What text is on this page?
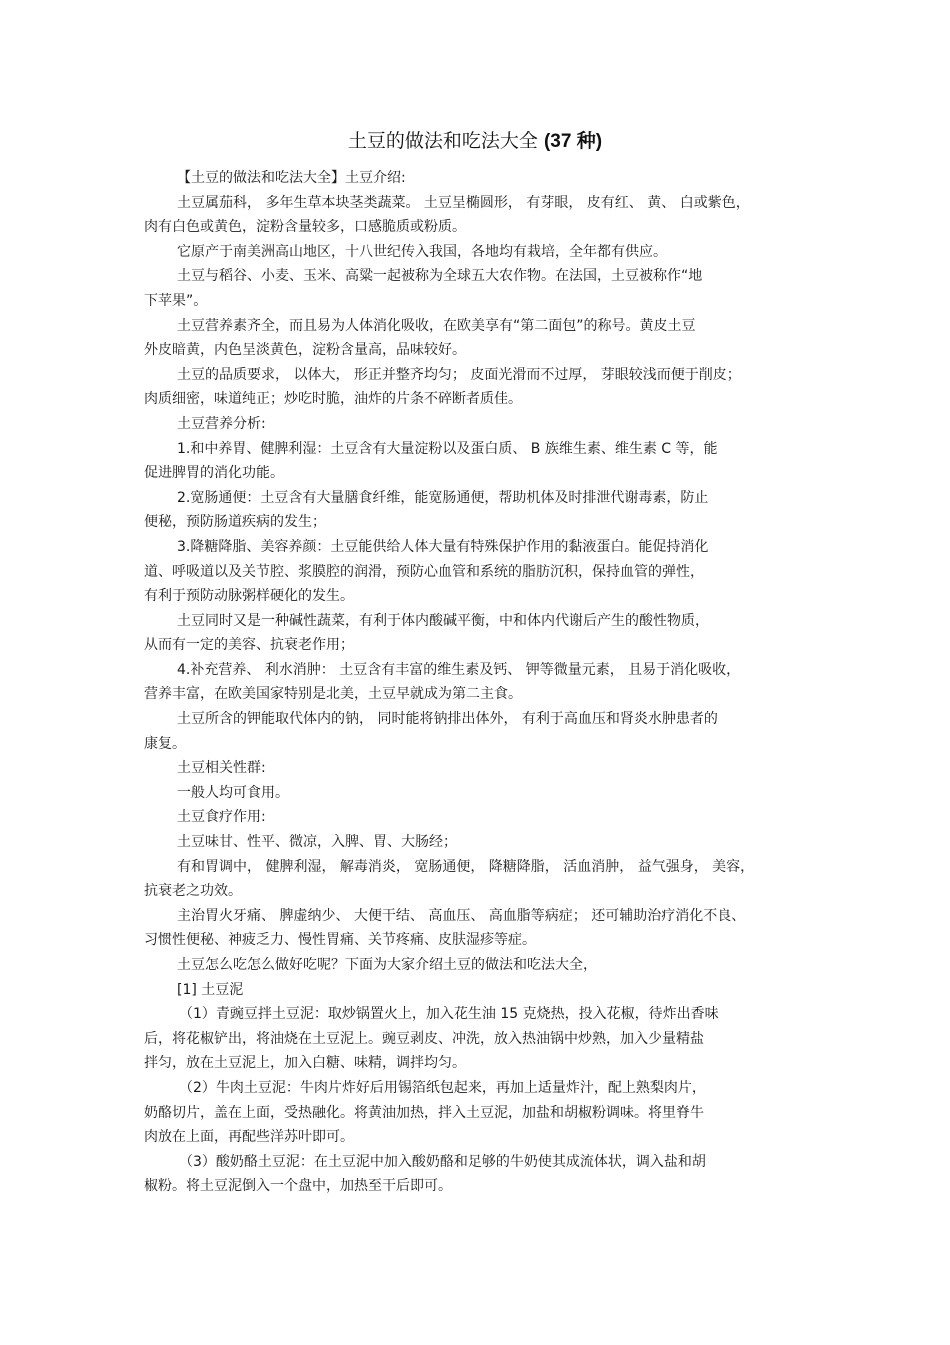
土豆的做法和吃法大全 (37 种)
【土豆的做法和吃法大全】土豆介绍:
土豆属茄科， 多年生草本块茎类蔬菜。 土豆呈椭圆形， 有芽眼， 皮有红、 黄、 白或紫色，
肉有白色或黄色，淀粉含量较多，口感脆质或粉质。
它原产于南美洲高山地区，十八世纪传入我国，各地均有栽培，全年都有供应。
土豆与稻谷、小麦、玉米、高粱一起被称为全球五大农作物。在法国，土豆被称作“地
下苹果”。
土豆营养素齐全，而且易为人体消化吸收，在欧美享有“第二面包”的称号。黄皮土豆
外皮暗黄，内色呈淡黄色，淀粉含量高，品味较好。
土豆的品质要求， 以体大， 形正并整齐均匀； 皮面光滑而不过厚， 芽眼较浅而便于削皮；
肉质细密，味道纯正；炒吃时脆，油炸的片条不碎断者质佳。
土豆营养分析:
1.和中养胃、健脾利湿：土豆含有大量淀粉以及蛋白质、 B 族维生素、维生素 C 等，能
促进脾胃的消化功能。
2.宽肠通便：土豆含有大量膳食纤维，能宽肠通便，帮助机体及时排泄代谢毒素，防止
便秘，预防肠道疾病的发生；
3.降糖降脂、美容养颜：土豆能供给人体大量有特殊保护作用的黏液蛋白。能促持消化
道、呼吸道以及关节腔、浆膜腔的润滑，预防心血管和系统的脂肪沉积，保持血管的弹性，
有利于预防动脉粥样硬化的发生。
土豆同时又是一种碱性蔬菜，有利于体内酸碱平衡，中和体内代谢后产生的酸性物质，
从而有一定的美容、抗衰老作用；
4.补充营养、 利水消肿： 土豆含有丰富的维生素及钙、 钾等微量元素， 且易于消化吸收，
营养丰富，在欧美国家特别是北美，土豆早就成为第二主食。
土豆所含的钾能取代体内的钠， 同时能将钠排出体外， 有利于高血压和肾炎水肿患者的
康复。
土豆相关性群:
一般人均可食用。
土豆食疗作用:
土豆味甘、性平、微凉，入脾、胃、大肠经；
有和胃调中， 健脾利湿， 解毒消炎， 宽肠通便， 降糖降脂， 活血消肿， 益气强身， 美容，
抗衰老之功效。
主治胃火牙痛、 脾虚纳少、 大便干结、 高血压、 高血脂等病症； 还可辅助治疗消化不良、
习惯性便秘、神疲乏力、慢性胃痛、关节疼痛、皮肤湿疹等症。
土豆怎么吃怎么做好吃呢？下面为大家介绍土豆的做法和吃法大全，
[1] 土豆泥
（1）青豌豆拌土豆泥：取炒锅置火上，加入花生油 15 克烧热，投入花椒，待炸出香味
后，将花椒铲出，将油烧在土豆泥上。豌豆剥皮、冲洗，放入热油锅中炒熟，加入少量精盐
拌匀，放在土豆泥上，加入白糖、味精，调拌均匀。
（2）牛肉土豆泥：牛肉片炸好后用锡箔纸包起来，再加上适量炸汁，配上熟梨肉片，
奶酪切片，盖在上面，受热融化。将黄油加热，拌入土豆泥，加盐和胡椒粉调味。将里脊牛
肉放在上面，再配些洋苏叶即可。
（3）酸奶酪土豆泥：在土豆泥中加入酸奶酪和足够的牛奶使其成流体状，调入盐和胡
椒粉。将土豆泥倒入一个盘中，加热至干后即可。
